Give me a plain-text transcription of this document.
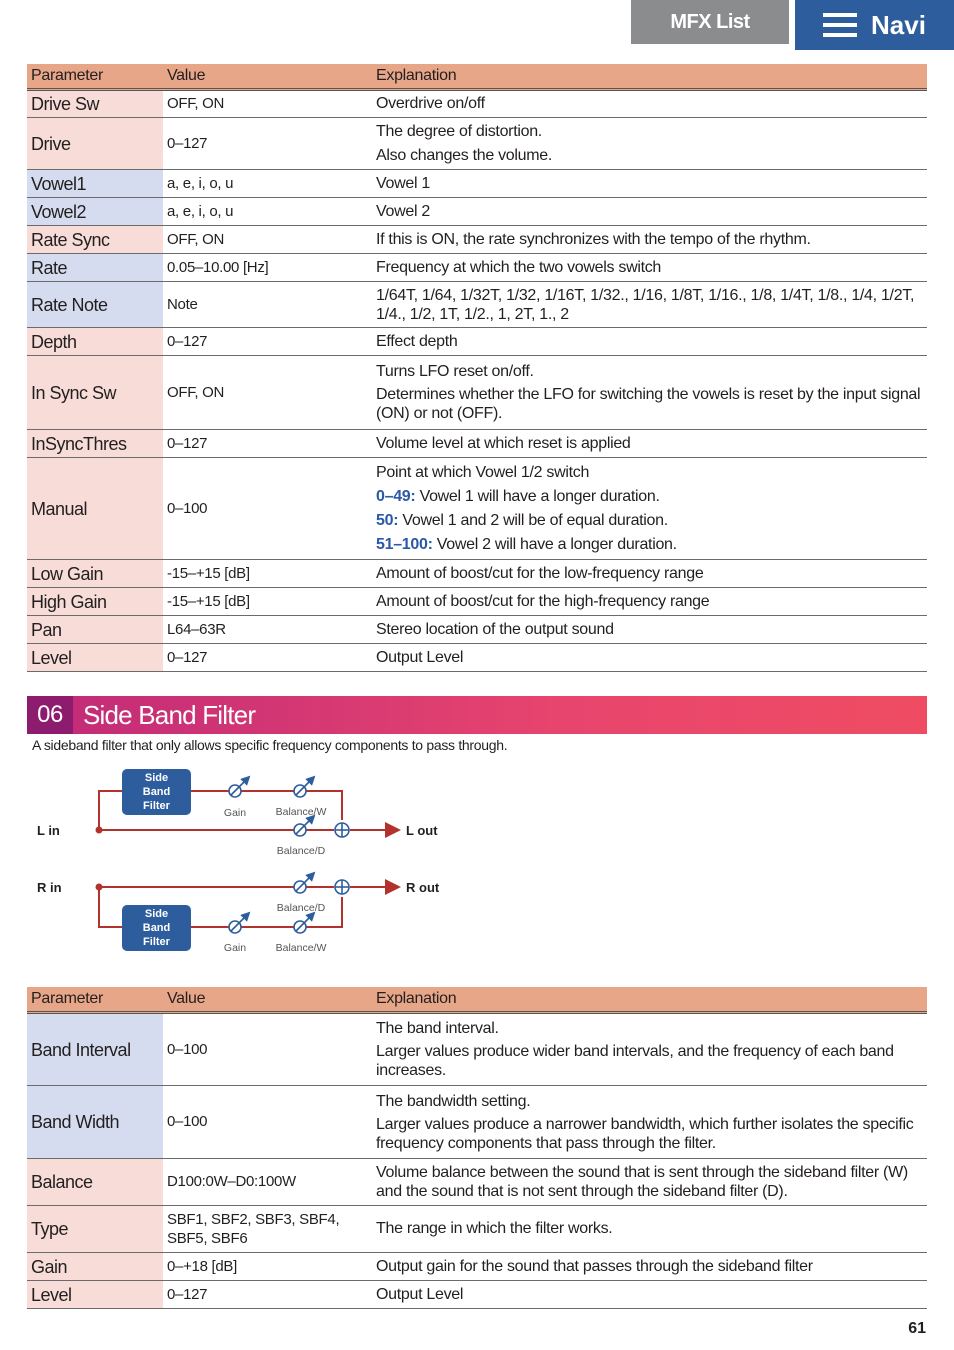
MFX List	Navi
Parameter	Value	Explanation
Drive Sw	OFF, ON	Overdrive on/off

Drive	0–127	The degree of distortion.
Also changes the volume.

Vowel1	a, e, i, o, u	Vowel 1

Vowel2	a, e, i, o, u	Vowel 2

Rate Sync	OFF, ON	If this is ON, the rate synchronizes with the tempo of the rhythm.

Rate	0.05–10.00 [Hz]	Frequency at which the two vowels switch

Rate Note	Note	1/64T, 1/64, 1/32T, 1/32, 1/16T, 1/32., 1/16, 1/8T, 1/16., 1/8, 1/4T, 1/8., 1/4, 1/2T, 1/4., 1/2, 1T, 1/2., 1, 2T, 1., 2

Depth	0–127	Effect depth

In Sync Sw	OFF, ON	Turns LFO reset on/off.
Determines whether the LFO for switching the vowels is reset by the input signal (ON) or not (OFF).

InSyncThres	0–127	Volume level at which reset is applied

Manual	0–100	Point at which Vowel 1/2 switch
0–49: Vowel 1 will have a longer duration.
50: Vowel 1 and 2 will be of equal duration.
51–100: Vowel 2 will have a longer duration.

Low Gain	-15–+15 [dB]	Amount of boost/cut for the low-frequency range

High Gain	-15–+15 [dB]	Amount of boost/cut for the high-frequency range

Pan	L64–63R	Stereo location of the output sound

Level	0–127	Output Level
06 Side Band Filter
A sideband filter that only allows specific frequency components to pass through.
Side
Band
Filter
Side
Band
Filter
L in
R in
L out
R out
Gain	Balance/W
Balance/D
Balance/D
Gain	Balance/W
Parameter	Value	Explanation
Band Interval	0–100	The band interval.
Larger values produce wider band intervals, and the frequency of each band increases.

Band Width	0–100	The bandwidth setting.
Larger values produce a narrower bandwidth, which further isolates the specific frequency components that pass through the filter.

Balance	D100:0W–D0:100W	Volume balance between the sound that is sent through the sideband filter (W) and the sound that is not sent through the sideband filter (D).

Type	SBF1, SBF2, SBF3, SBF4, SBF5, SBF6	The range in which the filter works.

Gain	0–+18 [dB]	Output gain for the sound that passes through the sideband filter

Level	0–127	Output Level
61
